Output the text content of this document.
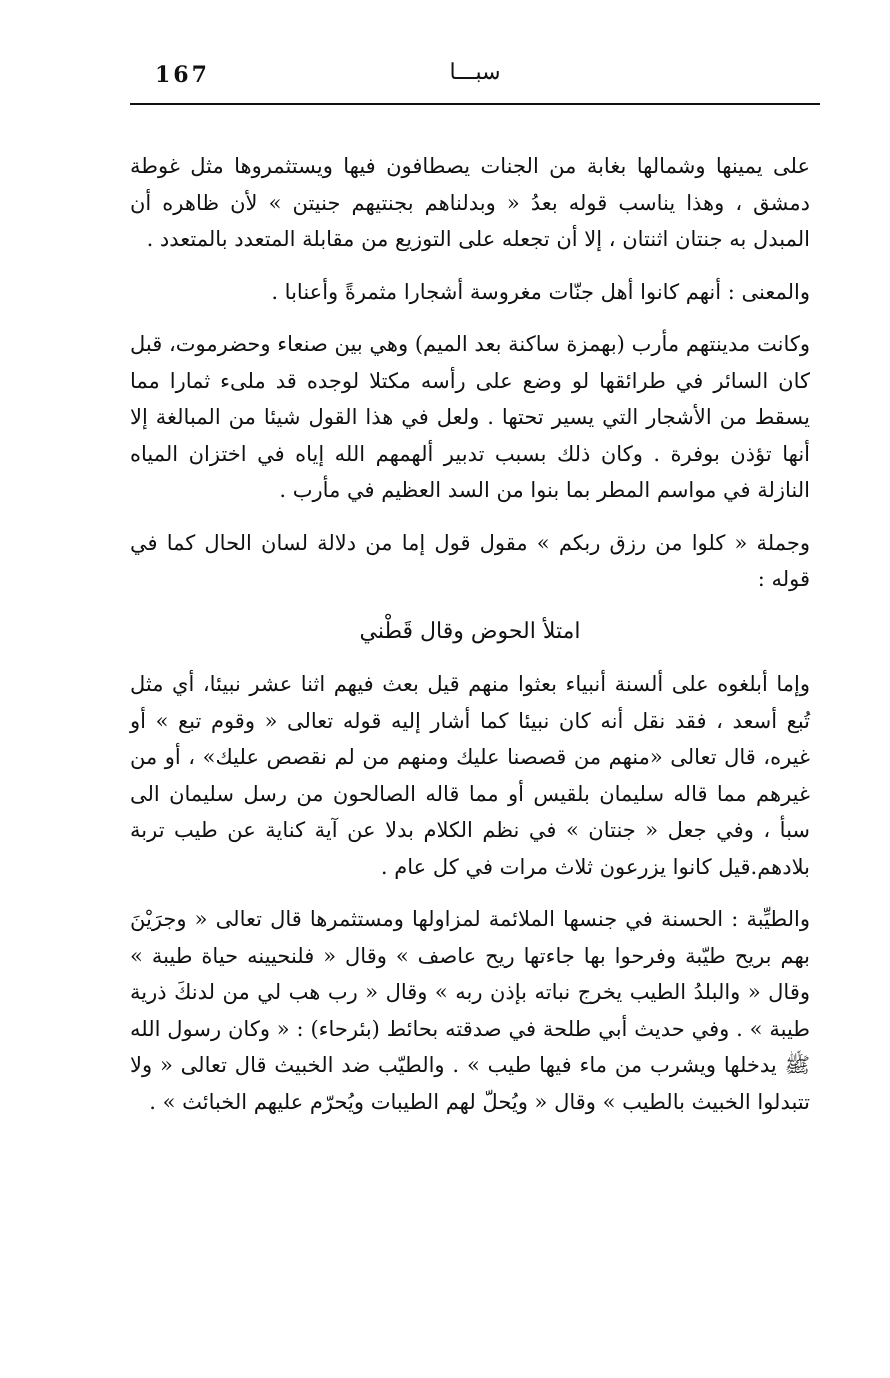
167	سبـــا

على يمينها وشمالها بغابة من الجنات يصطافون فيها ويستثمروها مثل غوطة دمشق ، وهذا يناسب قوله بعدُ « وبدلناهم بجنتيهم جنيتن » لأن ظاهره أن المبدل به جنتان اثنتان ، إلا أن تجعله على التوزيع من مقابلة المتعدد بالمتعدد .

والمعنى : أنهم كانوا أهل جنّات مغروسة أشجارا مثمرةً وأعنابا .

وكانت مدينتهم مأرب (بهمزة ساكنة بعد الميم) وهي بين صنعاء وحضرموت، قبل كان السائر في طرائقها لو وضع على رأسه مكتلا لوجده قد ملىء ثمارا مما يسقط من الأشجار التي يسير تحتها . ولعل في هذا القول شيئا من المبالغة إلا أنها تؤذن بوفرة . وكان ذلك بسبب تدبير ألهمهم الله إياه في اختزان المياه النازلة في مواسم المطر بما بنوا من السد العظيم في مأرب .

وجملة « كلوا من رزق ربكم » مقول قول إما من دلالة لسان الحال كما في قوله :

امتلأ الحوض وقال قَطْني

وإما أبلغوه على ألسنة أنبياء بعثوا منهم قيل بعث فيهم اثنا عشر نبيئا، أي مثل تُبع أسعد ، فقد نقل أنه كان نبيئا كما أشار إليه قوله تعالى « وقوم تبع » أو غيره، قال تعالى «منهم من قصصنا عليك ومنهم من لم نقصص عليك» ، أو من غيرهم مما قاله سليمان بلقيس أو مما قاله الصالحون من رسل سليمان الى سبأ ، وفي جعل « جنتان » في نظم الكلام بدلا عن آية كناية عن طيب تربة بلادهم.قيل كانوا يزرعون ثلاث مرات في كل عام .

والطيِّبة : الحسنة في جنسها الملائمة لمزاولها ومستثمرها قال تعالى « وجرَيْنَ بهم بريح طيّبة وفرحوا بها جاءتها ريح عاصف » وقال « فلنحيينه حياة طيبة » وقال « والبلدُ الطيب يخرج نباته بإذن ربه » وقال « رب هب لي من لدنكَ ذرية طيبة » . وفي حديث أبي طلحة في صدقته بحائط (بئرحاء) : « وكان رسول الله ﷺ يدخلها ويشرب من ماء فيها طيب » . والطيّب ضد الخبيث قال تعالى « ولا تتبدلوا الخبيث بالطيب » وقال « ويُحلّ لهم الطيبات ويُحرّم عليهم الخبائث » .
